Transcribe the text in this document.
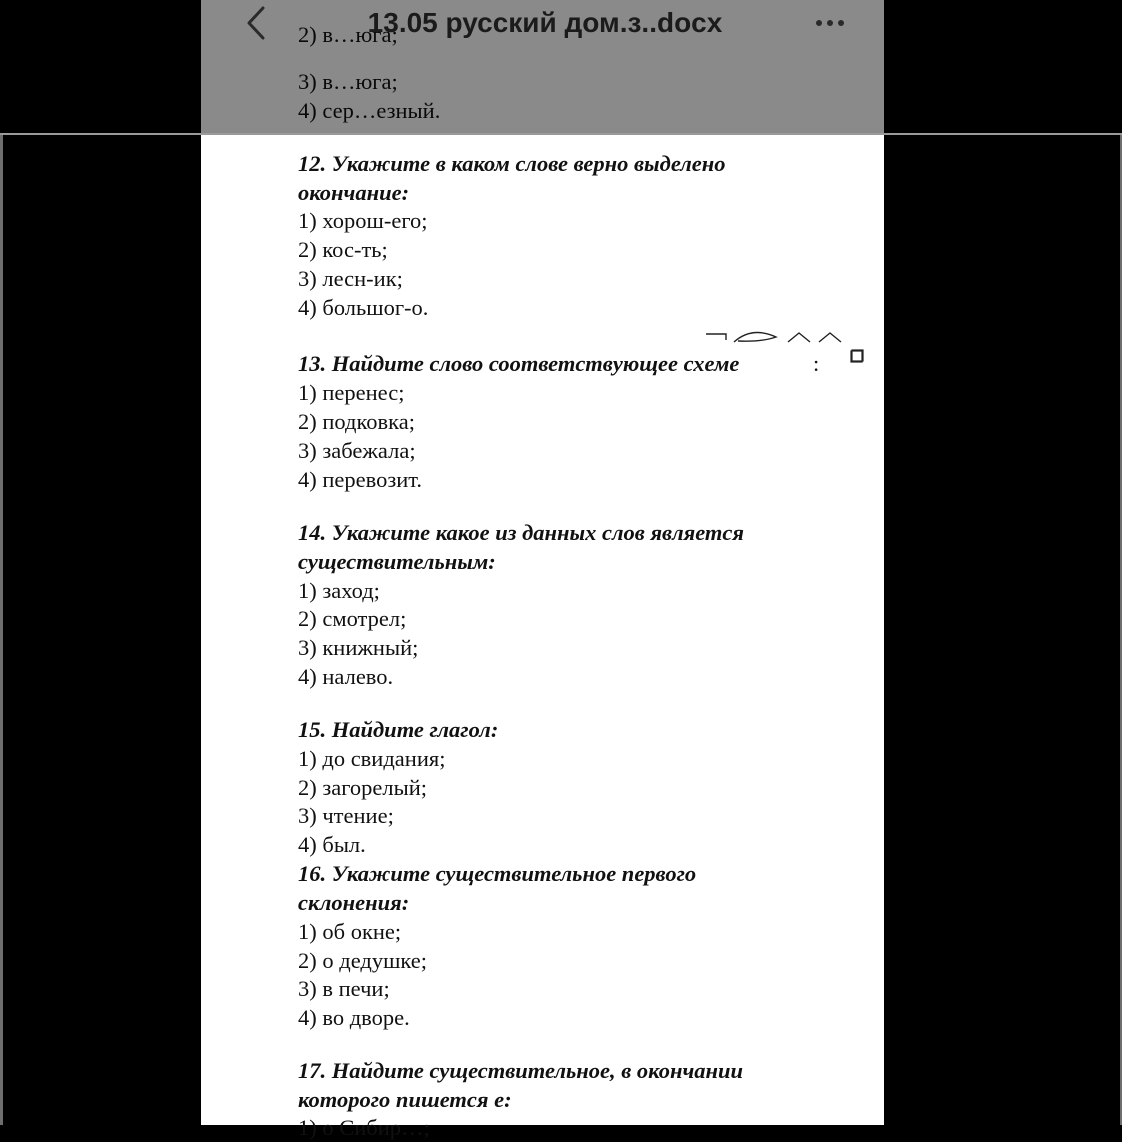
2) в…юга;
3) в…юга;
4) сер…езный.
12. Укажите в каком слове верно выделено
окончание:
1) хорош-его;
2) кос-ть;
3) лесн-ик;
4) большог-о.
13. Найдите слово соответствующее схеме	:
1) перенес;
2) подковка;
3) забежала;
4) перевозит.
14. Укажите какое из данных слов является
существительным:
1) заход;
2) смотрел;
3) книжный;
4) налево.
15. Найдите глагол:
1) до свидания;
2) загорелый;
3) чтение;
4) был.
16. Укажите существительное первого
склонения:
1) об окне;
2) о дедушке;
3) в печи;
4) во дворе.
17. Найдите существительное, в окончании
которого пишется е:
1) о Сибир…;
13.05 русский дом.з..docx
